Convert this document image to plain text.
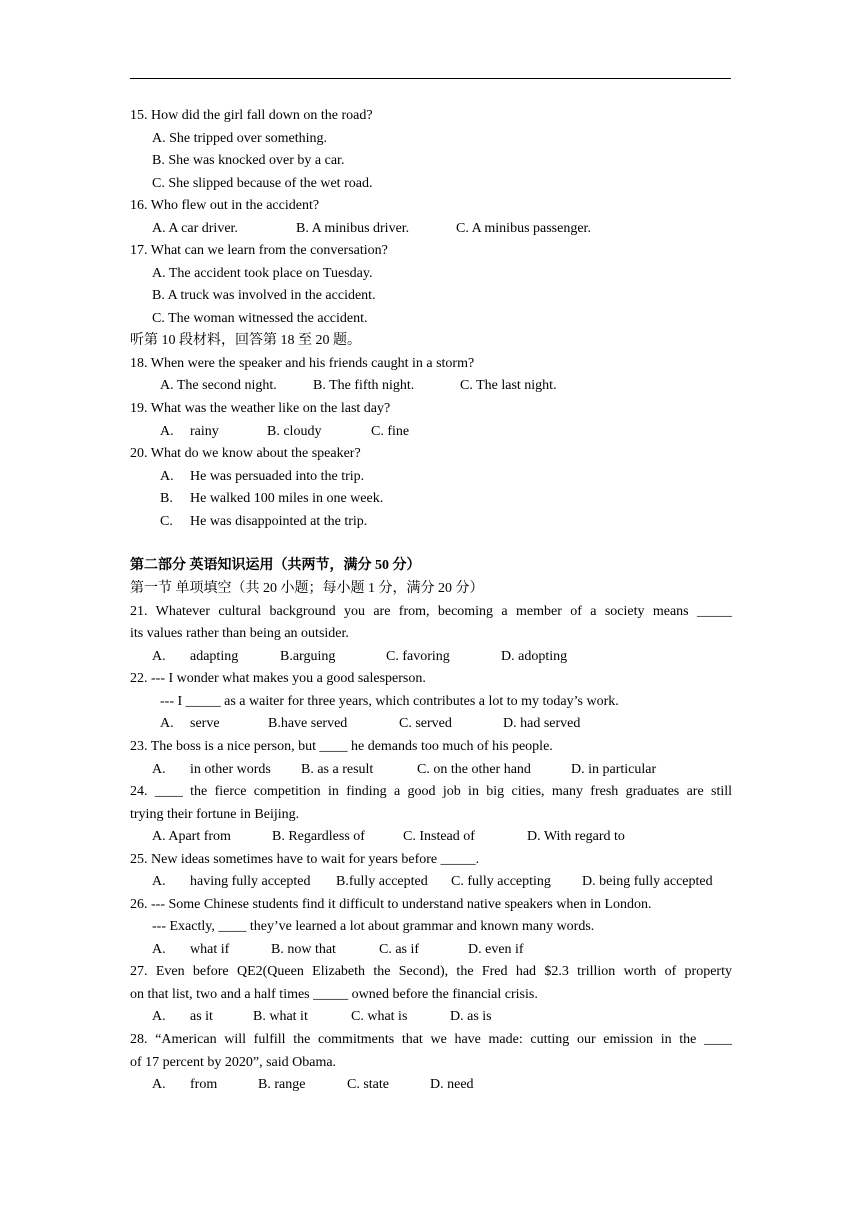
15. How did the girl fall down on the road?
A. She tripped over something.
B. She was knocked over by a car.
C. She slipped because of the wet road.
16. Who flew out in the accident?
A. A car driver.	B. A minibus driver.	C. A minibus passenger.
17. What can we learn from the conversation?
A. The accident took place on Tuesday.
B. A truck was involved in the accident.
C. The woman witnessed the accident.
听第 10 段材料，回答第 18 至 20 题。
18. When were the speaker and his friends caught in a storm?
A. The second night.	B. The fifth night.	C. The last night.
19. What was the weather like on the last day?
A. rainy	B. cloudy	C. fine
20. What do we know about the speaker?
A. He was persuaded into the trip.
B. He walked 100 miles in one week.
C. He was disappointed at the trip.
第二部分 英语知识运用（共两节，满分 50 分）
第一节 单项填空（共 20 小题；每小题 1 分，满分 20 分）
21. Whatever cultural background you are from, becoming a member of a society means _____
its values rather than being an outsider.
A. adapting	B.arguing	C. favoring	D. adopting
22. --- I wonder what makes you a good salesperson.
--- I _____ as a waiter for three years, which contributes a lot to my today’s work.
A. serve	B.have served	C. served	D. had served
23. The boss is a nice person, but ____ he demands too much of his people.
A. in other words B. as a result	C. on the other hand	D. in particular
24. ____ the fierce competition in finding a good job in big cities, many fresh graduates are still
trying their fortune in Beijing.
A. Apart from	B. Regardless of	C. Instead of	D. With regard to
25. New ideas sometimes have to wait for years before _____.
A. having fully accepted B.fully accepted C. fully accepting D. being fully accepted
26. --- Some Chinese students find it difficult to understand native speakers when in London.
--- Exactly, ____ they’ve learned a lot about grammar and known many words.
A. what if	B. now that	C. as if	D. even if
27. Even before QE2(Queen Elizabeth the Second), the Fred had $2.3 trillion worth of property
on that list, two and a half times _____ owned before the financial crisis.
A. as it	B. what it	C. what is	D. as is
28. “American will fulfill the commitments that we have made: cutting our emission in the ____
of 17 percent by 2020”, said Obama.
A. from	B. range	C. state	D. need
